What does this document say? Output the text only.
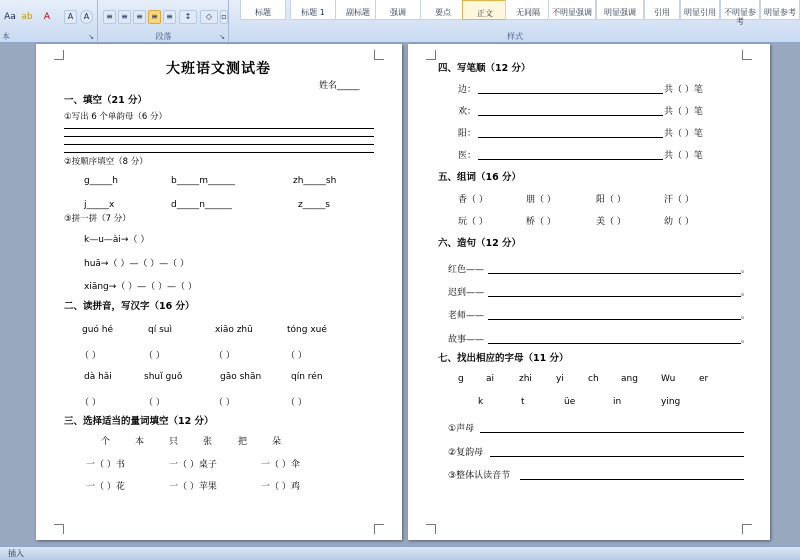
Aa ab	A	A	A
本	↘
≡	≡	≡	≡	≡	↕	◇	▫
段落	↘
标题	标题 1	副标题	强调	要点	正文	无间隔	不明显强调	明显强调	引用	明显引用	不明显参考
明显参考
样式
大班语文测试卷
姓名_____
一、填空（21 分）
①写出 6 个单韵母（6 分）
②按顺序填空（8 分）
g_____h	b_____m______	zh_____sh
j_____x	d_____n______	z_____s
③拼一拼（7 分）
k—u—ài→（ ）
huā→（ ）—（ ）—（ ）
xiāng→（ ）—（ ）—（ ）
二、读拼音，写汉字（16 分）
guó hé	qí suì	xiāo zhū	tóng xué
（ ）	（ ）	（ ）	（ ）
dà hǎi	shuǐ guǒ	gāo shān	qín rén
（ ）	（ ）	（ ）	（ ）
三、选择适当的量词填空（12 分）
个	本	只	张	把	朵
一（ ）书	一（ ）桌子	一（ ）伞
一（ ）花	一（ ）苹果	一（ ）鸡
四、写笔顺（12 分）
边：	共（ ）笔
欢：	共（ ）笔
阳：	共（ ）笔
医：	共（ ）笔
五、组词（16 分）
香（ ）	朋（ ）	阳（ ）	汗（ ）
玩（ ）	桥（ ）	美（ ）	幼（ ）
六、造句（12 分）
红色——	。
迟到——	。
老师——	。
故事——	。
七、找出相应的字母（11 分）
g ai	zhi	yi	ch ang	Wu	er
k	t	üe	in	ying
①声母
②复韵母
③整体认读音节
插入
